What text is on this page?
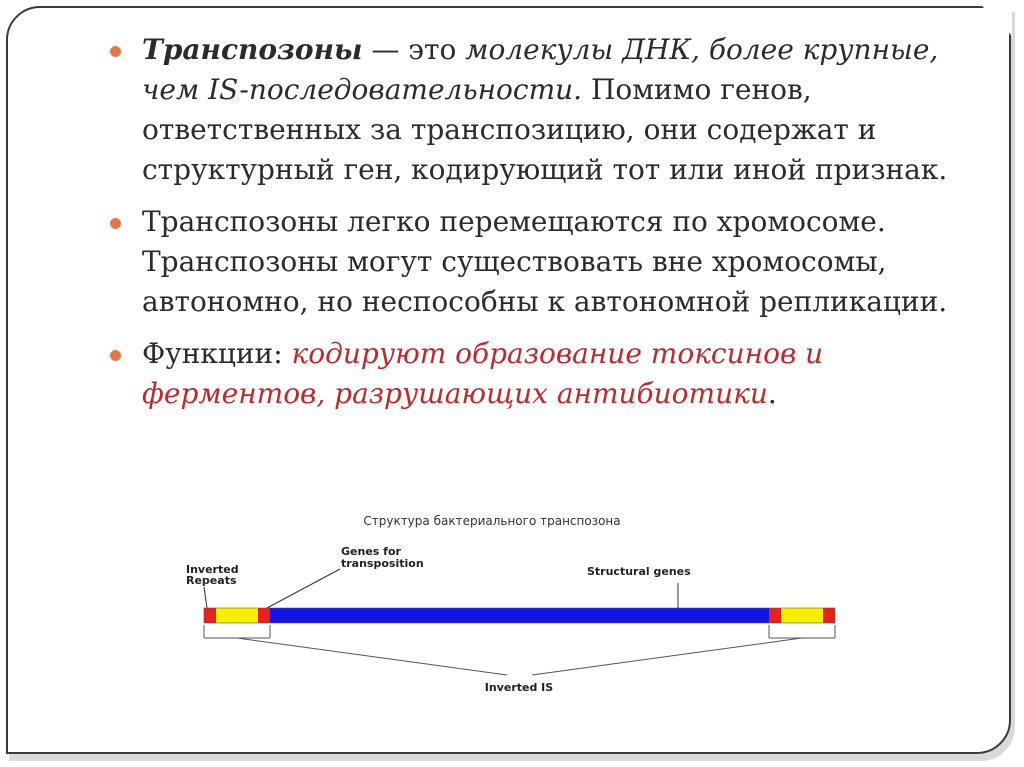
Транспозоны — это молекулы ДНК, более крупные, чем IS-последовательности. Помимо генов, ответственных за транспозицию, они содержат и структурный ген, кодирующий тот или иной признак.

Транспозоны легко перемещаются по хромосоме. Транспозоны могут существовать вне хромосомы, автономно, но неспособны к автономной репликации.

Функции: кодируют образование токсинов и ферментов, разрушающих антибиотики.

Структура бактериального транспозона
Inverted
Repeats
Genes for
transposition
Structural genes
Inverted IS
